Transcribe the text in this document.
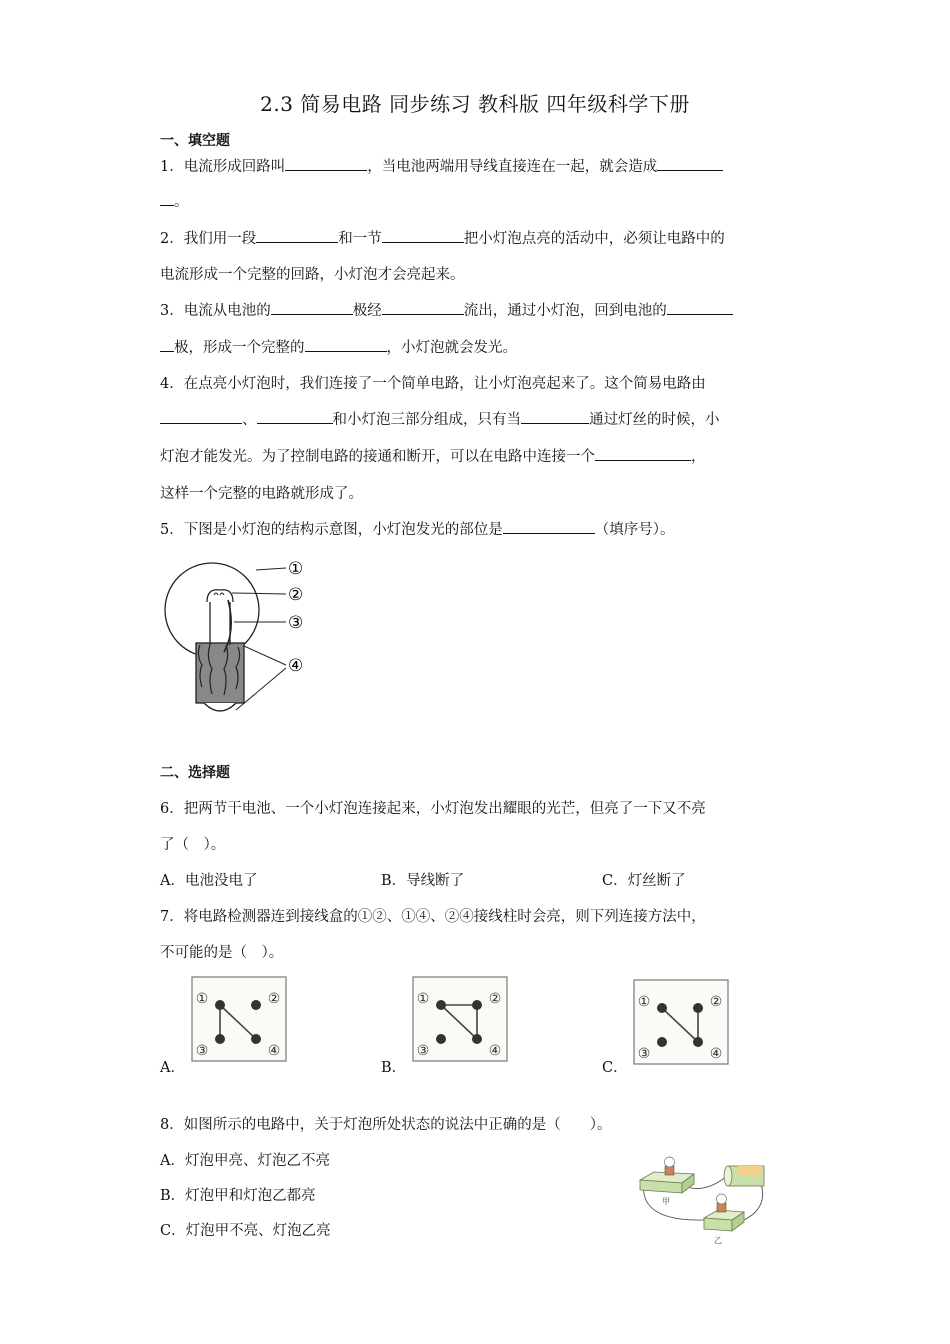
2.3 简易电路 同步练习 教科版 四年级科学下册
一、填空题
1．电流形成回路叫	，当电池两端用导线直接连在一起，就会造成
。
2．我们用一段	和一节	把小灯泡点亮的活动中，必须让电路中的
电流形成一个完整的回路，小灯泡才会亮起来。
3．电流从电池的	极经	流出，通过小灯泡，回到电池的
极，形成一个完整的	，小灯泡就会发光。
4．在点亮小灯泡时，我们连接了一个简单电路，让小灯泡亮起来了。这个简易电路由
、	和小灯泡三部分组成，只有当	通过灯丝的时候，小
灯泡才能发光。为了控制电路的接通和断开，可以在电路中连接一个	，
这样一个完整的电路就形成了。
5．下图是小灯泡的结构示意图，小灯泡发光的部位是	（填序号）。
①
②
③
④
二、选择题
6．把两节干电池、一个小灯泡连接起来，小灯泡发出耀眼的光芒，但亮了一下又不亮
了（　）。
A．电池没电了	B．导线断了	C．灯丝断了
7．将电路检测器连到接线盒的①②、①④、②④接线柱时会亮，则下列连接方法中，
不可能的是（　）。
A．
①	②
③	④
B．
①	②
③	④
C．
①	②
③	④
8．如图所示的电路中，关于灯泡所处状态的说法中正确的是（　　）。
A．灯泡甲亮、灯泡乙不亮
B．灯泡甲和灯泡乙都亮
C．灯泡甲不亮、灯泡乙亮
甲
乙
